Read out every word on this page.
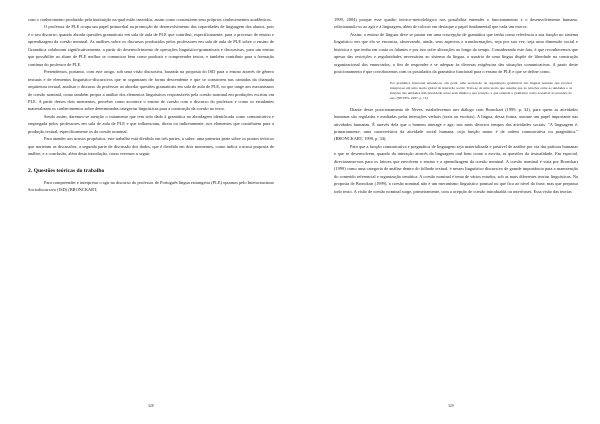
com o conhecimento produzido pela instituição na qual estão inseridos, assim como construírem seus próprios conhecimentos acadêmicos.

O professor de PLE ocupa um papel primordial na promoção do desenvolvimento das capacidades de linguagem dos alunos, pois é o seu discurso, quando aborda questões gramaticais em sala de aula de PLE que contribui, especificamente, para o processo de ensino e aprendizagem da coesão nominal. As análises sobre os discursos produzidos pelos professores em sala de aula de PLE sobre o ensino de Gramática colaboram significativamente, a partir do desenvolvimento de operações linguístico-gramaticais e discursivas, para um ensino que possibilite ao aluno de PLE melhor se comunicar bem como produzir e compreender textos, e também contribuir para a formação contínua do professor de PLE.

Pretendemos, portanto, com este artigo, sob uma visão discursiva, baseada na proposta do ISD para o ensino através de gênero textuais e de elementos linguístico-discursivos que se organizam de forma descendente e que se constroem nas camadas da chamada arquitetura textual, analisar o discurso do professor ao abordar questões gramaticais em sala de aula de PLE, no que tange aos mecanismos de coesão nominal, como também propor a análise dos elementos linguísticos responsáveis pela coesão nominal em produções escritas em PLE. A partir desses dois momentos, perceber como acontece o ensino de coesão com o discurso do professor e como os estudantes materializam os conhecimentos sobre determinadas categorias linguísticas para a construção da coesão no texto.

Sendo assim, daremos-se atenção o tratamento que tem sido dado à gramática na abordagem identificada como comunicativa e empregada pelos professores em sala de aula de PLE e que influenciam, direta ou indiretamente, nos elementos que contribuem para a produção textual, especificamente os da coesão nominal.

Para atender aos nossos propósitos, este trabalho está dividido em três partes, a saber: uma primeira parte sobre os pontos teóricos que norteiam as discussões; a segunda parte de discussão dos dados, que é dividida em dois momentos, como indica a nossa proposta de análise; e a conclusão, além desta introdução, como veremos a seguir.

2. Questões teóricas do trabalho

Para compreender e interpretar o agir no discurso do professor de Português língua estrangeira (PLE) optamos pelo Interacionismo Sociodiscursivo (ISD) (BRONCKART,

328

1999, 2004) porque esse quadro teórico-metodológico nos possibilita entender o funcionamento e o desenvolvimento humano, relacionando-os ao agir e à linguagem, além de colocar em destaque o papel fundamental que cada um exerce.

Assim, o ensino de línguas deve se pautar em uma concepção de gramática que tenha como referência a sua função no sistema linguístico em que ela se encontra, observando, ainda, seus aspectos e transformações, seja por sua vez, seja uma dimensão social e histórica e que tenha em conta os falantes e por isto sofre alterações ao longo do tempo. Considerando este fato, é que reconhecemos que apesar das restrições e regularidades necessárias ao sistema da língua, o usuário de uma língua dispõe de liberdade na construção organizacional dos enunciados, a fim de responder e se adequar às diversas exigências das situações comunicativas. A partir deste posicionamento é que corroboramos com os postulados da gramática funcional para o ensino de PLE e que se define como,

Por gramática funcional entende-se, em geral, uma teorização da organização gramatical das línguas naturais que procura integrar-se em uma teoria global da interação social. Trata-se de uma teoria que assume que as relações entre as unidades e as funções das unidades têm prioridade sobre seus limites e sua posição, e que entende a gramática como acessível às pressões do uso. (NEVES, 1997, p. 15)

Diante desse posicionamento de Neves, estabelecemos um diálogo com Bronckart (1999, p. 32), para quem as atividades humanas são reguladas e mediadas pelas interações verbais (orais ou escritas). A língua, dessa forma, assume um papel importante nas atividades humanas. É através dela que o homem interage e age; nos mais diversos tempos das atividades sociais. "A linguagem é, primariamente, uma característica da atividade social humana, cuja função maior é de ordem comunicativa ou pragmática." (BRONCKART, 1999, p. 34).

Para que a função comunicativa e pragmática de linguagem seja materializada e passível de análise por via das práticas humanas e que se desenvolvem, quando da interação através da linguagem oral bem como a escrita, as questões da textualidade. Em especial, direcionamo-nos para os fatores que envolvem o ensino e a aprendizagem da coesão nominal. A coesão nominal é vista por Bronckart (1999) como uma categoria de análise dentro do folhado textual, é nesses linguístico discursivo de grande importância para a manutenção do conteúdo referencial e organização temática. A coesão nominal é tema de vários estudos, sob as mais diferentes teorias linguísticas. Na proposta de Bronckart (1999), a coesão nominal não é um mecanismo linguístico pontual ou que fica ao nível da frase, mas que perpassa todo texto. A visão de coesão nominal surge, primeiramente, com a acepção de coesão introduzida ou interfrases. Essa visão das teorias

329
